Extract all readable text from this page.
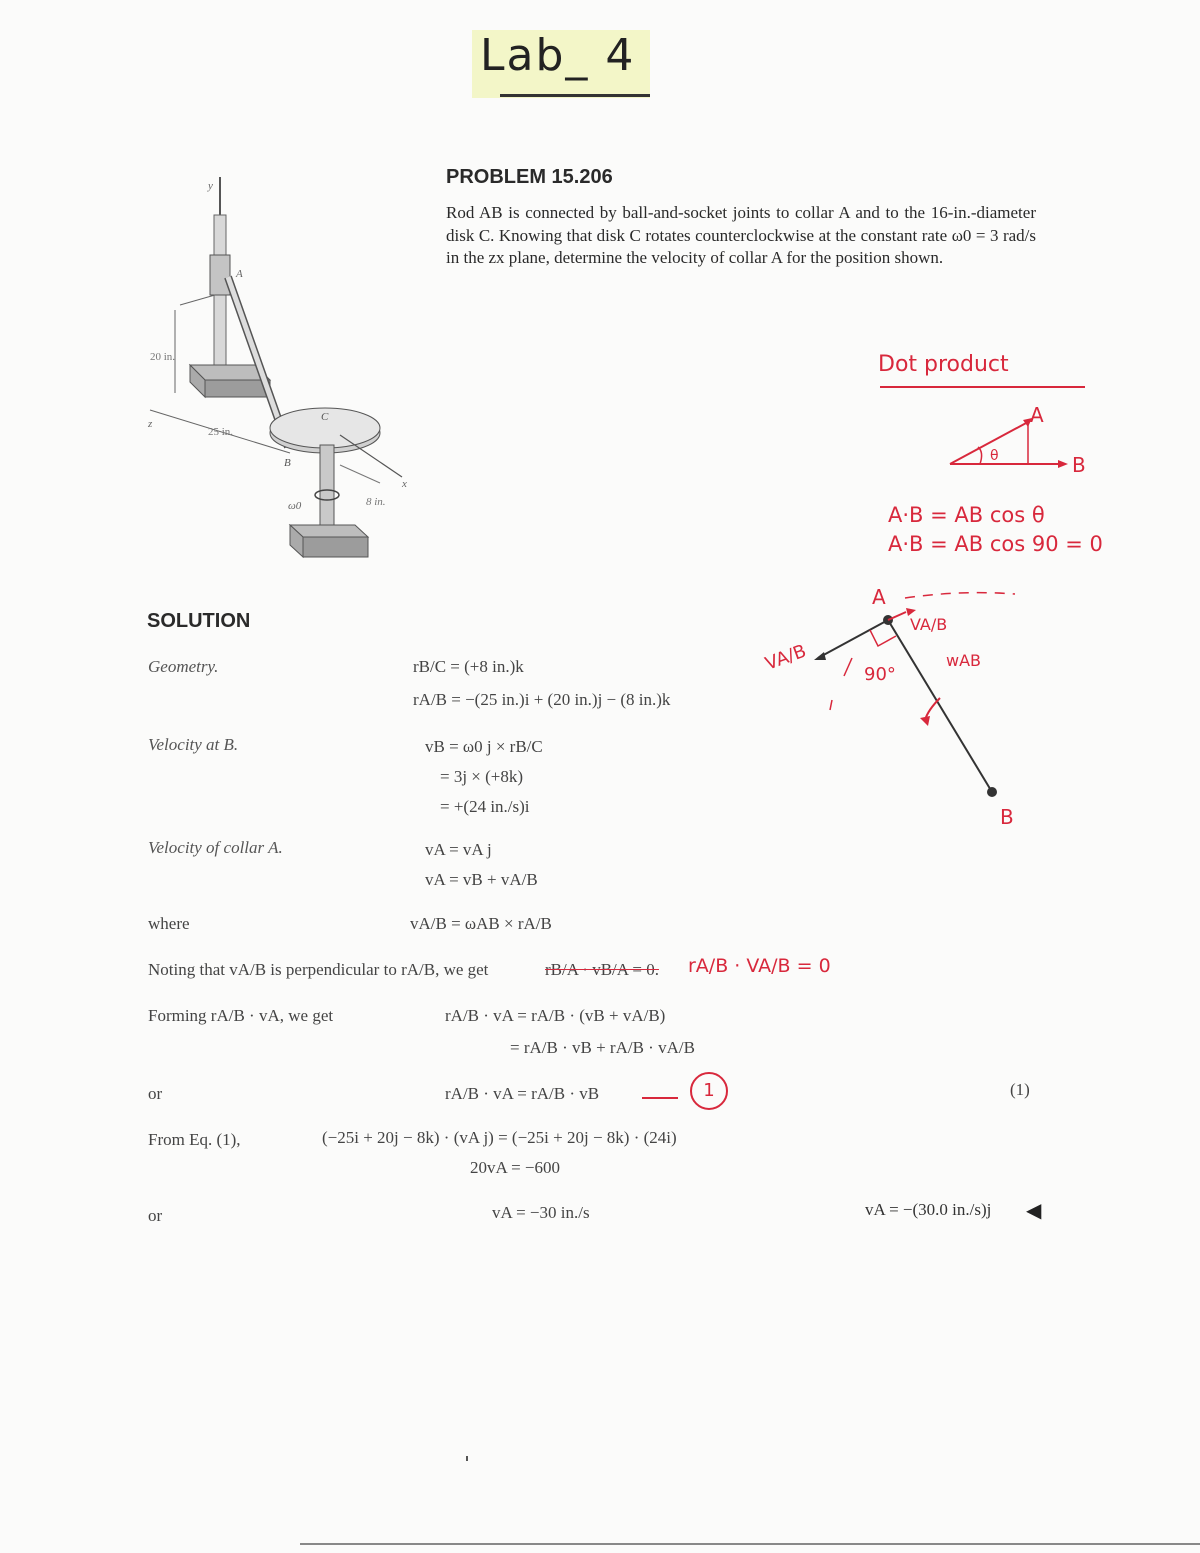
Lab_ 4
PROBLEM 15.206
Rod AB is connected by ball-and-socket joints to collar A and to the 16-in.-diameter disk C. Knowing that disk C rotates counterclockwise at the constant rate ω0 = 3 rad/s in the zx plane, determine the velocity of collar A for the position shown.
y
A
C
B
ω0
x
z
20 in.
25 in.
8 in.
Dot product
A
B
θ
A·B = AB cos θ
A·B = AB cos 90 = 0
A
B
VA/B
VA/B
90°
wAB
SOLUTION
Geometry.	rB/C = (+8 in.)k
rA/B = −(25 in.)i + (20 in.)j − (8 in.)k
Velocity at B.	vB = ω0 j × rB/C
= 3j × (+8k)
= +(24 in./s)i
Velocity of collar A.	vA = vA j
vA = vB + vA/B
where	vA/B = ωAB × rA/B
Noting that vA/B is perpendicular to rA/B, we get	rB/A · vB/A = 0. rA/B · VA/B = 0
Forming rA/B · vA, we get	rA/B · vA = rA/B · (vB + vA/B)
= rA/B · vB + rA/B · vA/B
or	rA/B · vA = rA/B · vB	1	(1)
From Eq. (1),	(−25i + 20j − 8k) · (vA j) = (−25i + 20j − 8k) · (24i)
20vA = −600
or	vA = −30 in./s	vA = −(30.0 in./s)j ◀
